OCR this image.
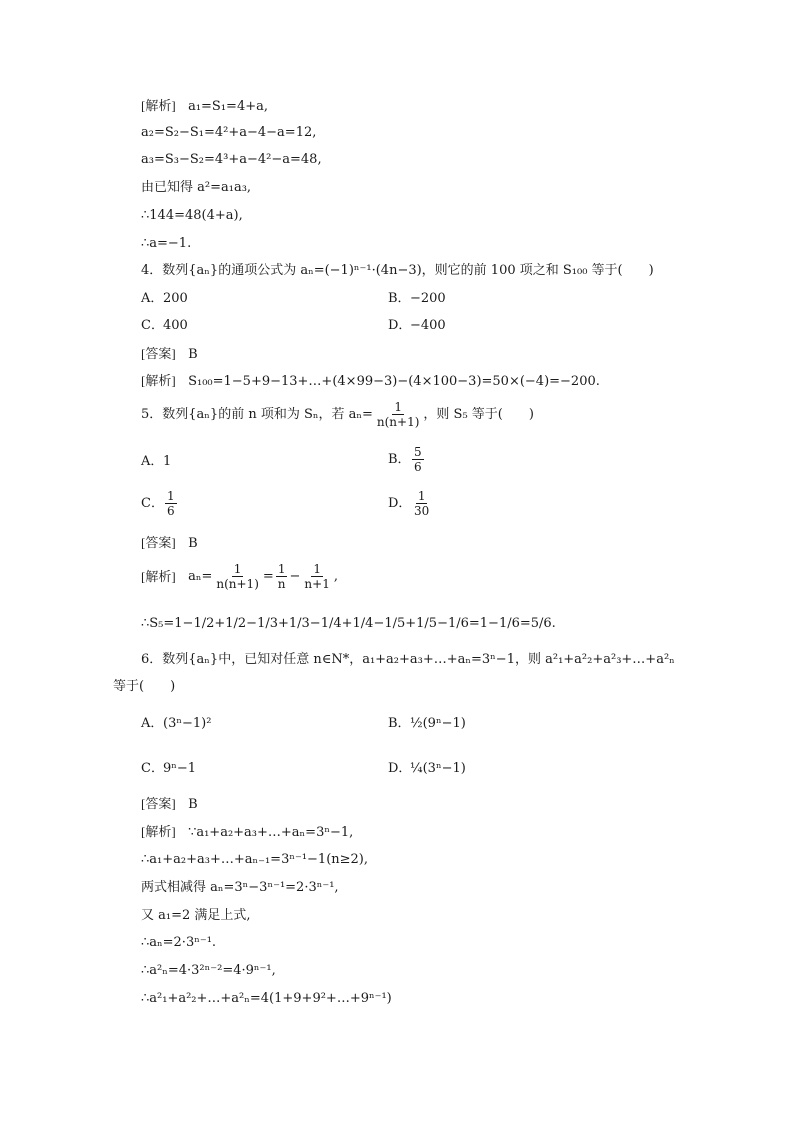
[解析] a₁=S₁=4+a,
a₂=S₂−S₁=4²+a−4−a=12,
a₃=S₃−S₂=4³+a−4²−a=48,
由已知得 a²=a₁a₃,
∴144=48(4+a),
∴a=−1.
4．数列{aₙ}的通项公式为 aₙ=(−1)ⁿ⁻¹·(4n−3)，则它的前 100 项之和 S₁₀₀ 等于(　　)
A．200	B．−200
C．400	D．−400
[答案] B
[解析] S₁₀₀=1−5+9−13+…+(4×99−3)−(4×100−3)=50×(−4)=−200.
5．数列{aₙ}的前 n 项和为 Sₙ，若 $a_n= \frac{1}{n(n+1)}$ ，则 S₅ 等于(　　)
A．1	B． $\frac{5}{6}$
C． $\frac{1}{6}$	D． $\frac{1}{30}$
[答案] B
[解析]
$a_n= \frac{1}{n(n+1)} = \frac{1}{n} - \frac{1}{n+1}$ ,
∴S₅=1−1/2+1/2−1/3+1/3−1/4+1/4−1/5+1/5−1/6=1−1/6=5/6.
6．数列{aₙ}中，已知对任意 n∈N*，a₁+a₂+a₃+…+aₙ=3ⁿ−1，则 a²₁+a²₂+a²₃+…+a²ₙ
等于(　　)
A．(3ⁿ−1)²	B．½(9ⁿ−1)
C．9ⁿ−1	D．¼(3ⁿ−1)
[答案] B
[解析] ∵a₁+a₂+a₃+…+aₙ=3ⁿ−1,
∴a₁+a₂+a₃+…+aₙ₋₁=3ⁿ⁻¹−1(n≥2),
两式相减得 aₙ=3ⁿ−3ⁿ⁻¹=2·3ⁿ⁻¹,
又 a₁=2 满足上式,
∴aₙ=2·3ⁿ⁻¹.
∴a²ₙ=4·3²ⁿ⁻²=4·9ⁿ⁻¹,
∴a²₁+a²₂+…+a²ₙ=4(1+9+9²+…+9ⁿ⁻¹)
